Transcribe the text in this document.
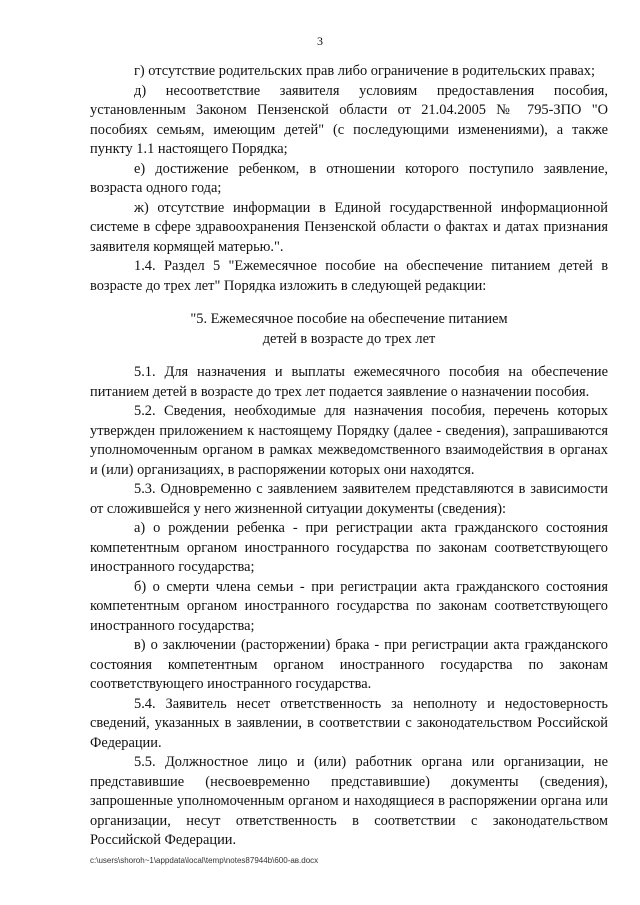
3

г) отсутствие родительских прав либо ограничение в родительских правах;

д) несоответствие заявителя условиям предоставления пособия, установленным Законом Пензенской области от 21.04.2005 № 795-ЗПО "О пособиях семьям, имеющим детей" (с последующими изменениями), а также пункту 1.1 настоящего Порядка;

е) достижение ребенком, в отношении которого поступило заявление, возраста одного года;

ж) отсутствие информации в Единой государственной информационной системе в сфере здравоохранения Пензенской области о фактах и датах признания заявителя кормящей матерью.".

1.4. Раздел 5 "Ежемесячное пособие на обеспечение питанием детей в возрасте до трех лет" Порядка изложить в следующей редакции:

"5. Ежемесячное пособие на обеспечение питанием
детей в возрасте до трех лет

5.1. Для назначения и выплаты ежемесячного пособия на обеспечение питанием детей в возрасте до трех лет подается заявление о назначении пособия.

5.2. Сведения, необходимые для назначения пособия, перечень которых утвержден приложением к настоящему Порядку (далее - сведения), запрашиваются уполномоченным органом в рамках межведомственного взаимодействия в органах и (или) организациях, в распоряжении которых они находятся.

5.3. Одновременно с заявлением заявителем представляются в зависимости от сложившейся у него жизненной ситуации документы (сведения):

а) о рождении ребенка - при регистрации акта гражданского состояния компетентным органом иностранного государства по законам соответствующего иностранного государства;

б) о смерти члена семьи - при регистрации акта гражданского состояния компетентным органом иностранного государства по законам соответствующего иностранного государства;

в) о заключении (расторжении) брака - при регистрации акта гражданского состояния компетентным органом иностранного государства по законам соответствующего иностранного государства.

5.4. Заявитель несет ответственность за неполноту и недостоверность сведений, указанных в заявлении, в соответствии с законодательством Российской Федерации.

5.5. Должностное лицо и (или) работник органа или организации, не представившие (несвоевременно представившие) документы (сведения), запрошенные уполномоченным органом и находящиеся в распоряжении органа или организации, несут ответственность в соответствии с законодательством Российской Федерации.

c:\users\shoroh~1\appdata\local\temp\notes87944b\600-ав.docx
